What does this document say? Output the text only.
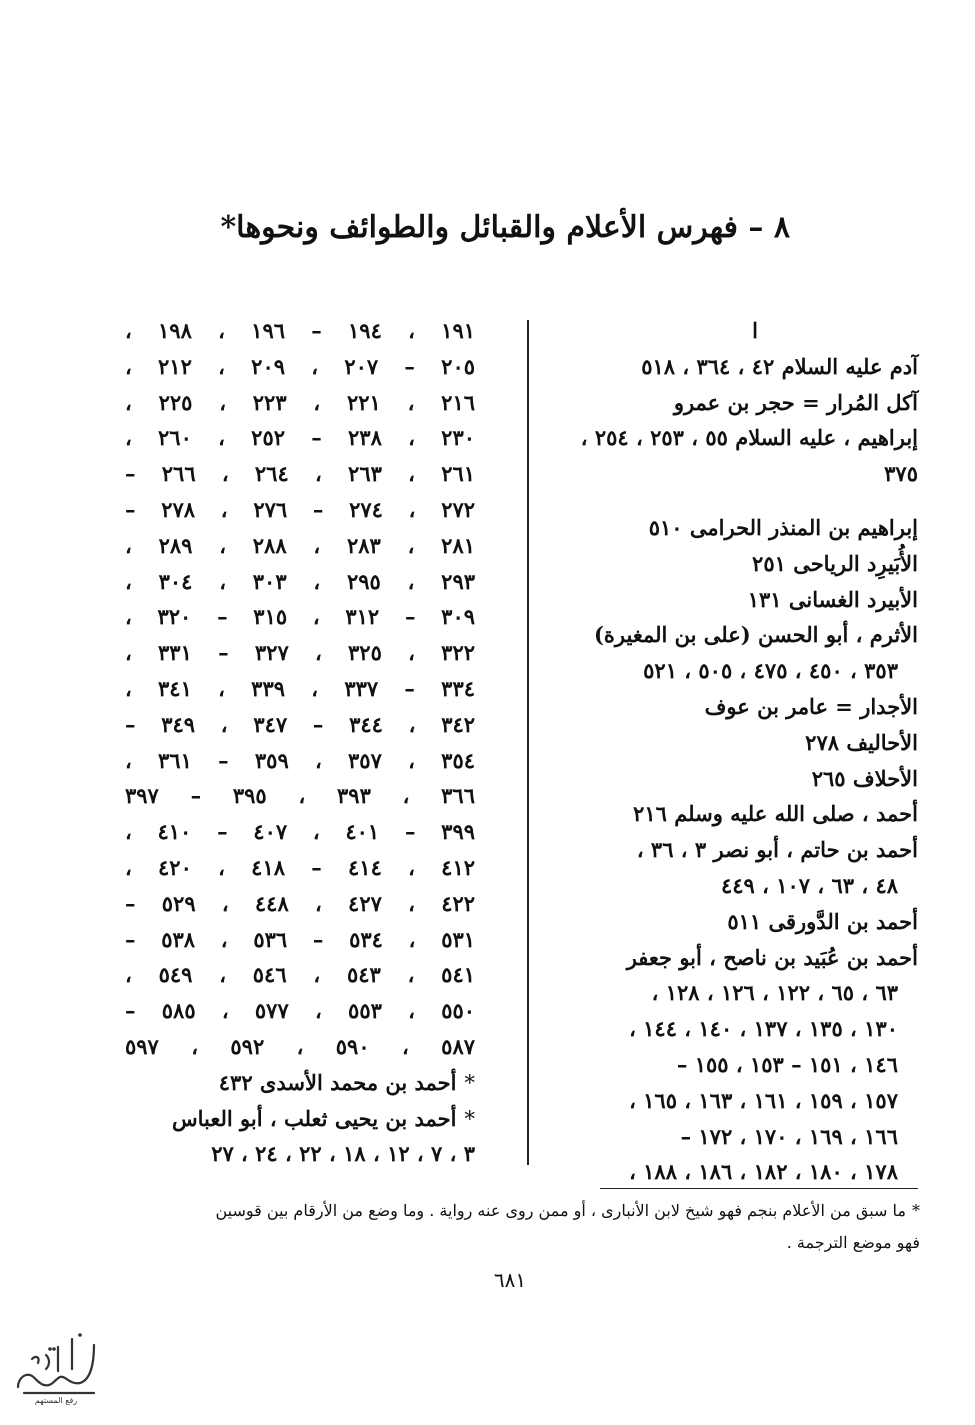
٨ – فهرس الأعلام والقبائل والطوائف ونحوها*
ا
آدم عليه السلام ٤٢ ، ٣٦٤ ، ٥١٨
آكل المُرار = حجر بن عمرو
إبراهيم ، عليه السلام ٥٥ ، ٢٥٣ ، ٢٥٤ ،
٣٧٥
إبراهيم بن المنذر الحرامى ٥١٠
الأُبَيرِد الرياحى ٢٥١
الأبيرد الغسانى ١٣١
الأثرم ، أبو الحسن (على بن المغيرة)
٣٥٣ ، ٤٥٠ ، ٤٧٥ ، ٥٠٥ ، ٥٢١
الأجدار = عامر بن عوف
الأحاليف ٢٧٨
الأحلاف ٢٦٥
أحمد ، صلى الله عليه وسلم ٢١٦
أحمد بن حاتم ، أبو نصر ٣ ، ٣٦ ،
٤٨ ، ٦٣ ، ١٠٧ ، ٤٤٩
أحمد بن الدَّورقى ٥١١
أحمد بن عُبَيد بن ناصح ، أبو جعفر
٦٣ ، ٦٥ ، ١٢٢ ، ١٢٦ ، ١٢٨ ،
١٣٠ ، ١٣٥ ، ١٣٧ ، ١٤٠ ، ١٤٤ ،
١٤٦ ، ١٥١ – ١٥٣ ، ١٥٥ –
١٥٧ ، ١٥٩ ، ١٦١ ، ١٦٣ ، ١٦٥ ،
١٦٦ ، ١٦٩ ، ١٧٠ ، ١٧٢ –
١٧٨ ، ١٨٠ ، ١٨٢ ، ١٨٦ ، ١٨٨ ،
١٩١ ، ١٩٤ – ١٩٦ ، ١٩٨ ،
٢٠٥ – ٢٠٧ ، ٢٠٩ ، ٢١٢ ،
٢١٦ ، ٢٢١ ، ٢٢٣ ، ٢٢٥ ،
٢٣٠ ، ٢٣٨ – ٢٥٢ ، ٢٦٠ ،
٢٦١ ، ٢٦٣ ، ٢٦٤ ، ٢٦٦ –
٢٧٢ ، ٢٧٤ – ٢٧٦ ، ٢٧٨ –
٢٨١ ، ٢٨٣ ، ٢٨٨ ، ٢٨٩ ،
٢٩٣ ، ٢٩٥ ، ٣٠٣ ، ٣٠٤ ،
٣٠٩ – ٣١٢ ، ٣١٥ – ٣٢٠ ،
٣٢٢ ، ٣٢٥ ، ٣٢٧ – ٣٣١ ،
٣٣٤ – ٣٣٧ ، ٣٣٩ ، ٣٤١ ،
٣٤٢ ، ٣٤٤ – ٣٤٧ ، ٣٤٩ –
٣٥٤ ، ٣٥٧ ، ٣٥٩ – ٣٦١ ،
٣٦٦ ، ٣٩٣ ، ٣٩٥ – ٣٩٧
٣٩٩ – ٤٠١ ، ٤٠٧ – ٤١٠ ،
٤١٢ ، ٤١٤ – ٤١٨ ، ٤٢٠ ،
٤٢٢ ، ٤٢٧ ، ٤٤٨ ، ٥٢٩ –
٥٣١ ، ٥٣٤ – ٥٣٦ ، ٥٣٨ –
٥٤١ ، ٥٤٣ ، ٥٤٦ ، ٥٤٩ ،
٥٥٠ ، ٥٥٣ ، ٥٧٧ ، ٥٨٥ –
٥٨٧ ، ٥٩٠ ، ٥٩٢ ، ٥٩٧
*أحمد بن محمد الأسدى ٤٣٢
*أحمد بن يحيى ثعلب ، أبو العباس
٣ ، ٧ ، ١٢ ، ١٨ ، ٢٢ ، ٢٤ ، ٢٧
*ما سبق من الأعلام بنجم فهو شيخ لابن الأنبارى ، أو ممن روى عنه رواية . وما وضع من الأرقام بين قوسين
فهو موضع الترجمة .
٦٨١
رفع المستهم
